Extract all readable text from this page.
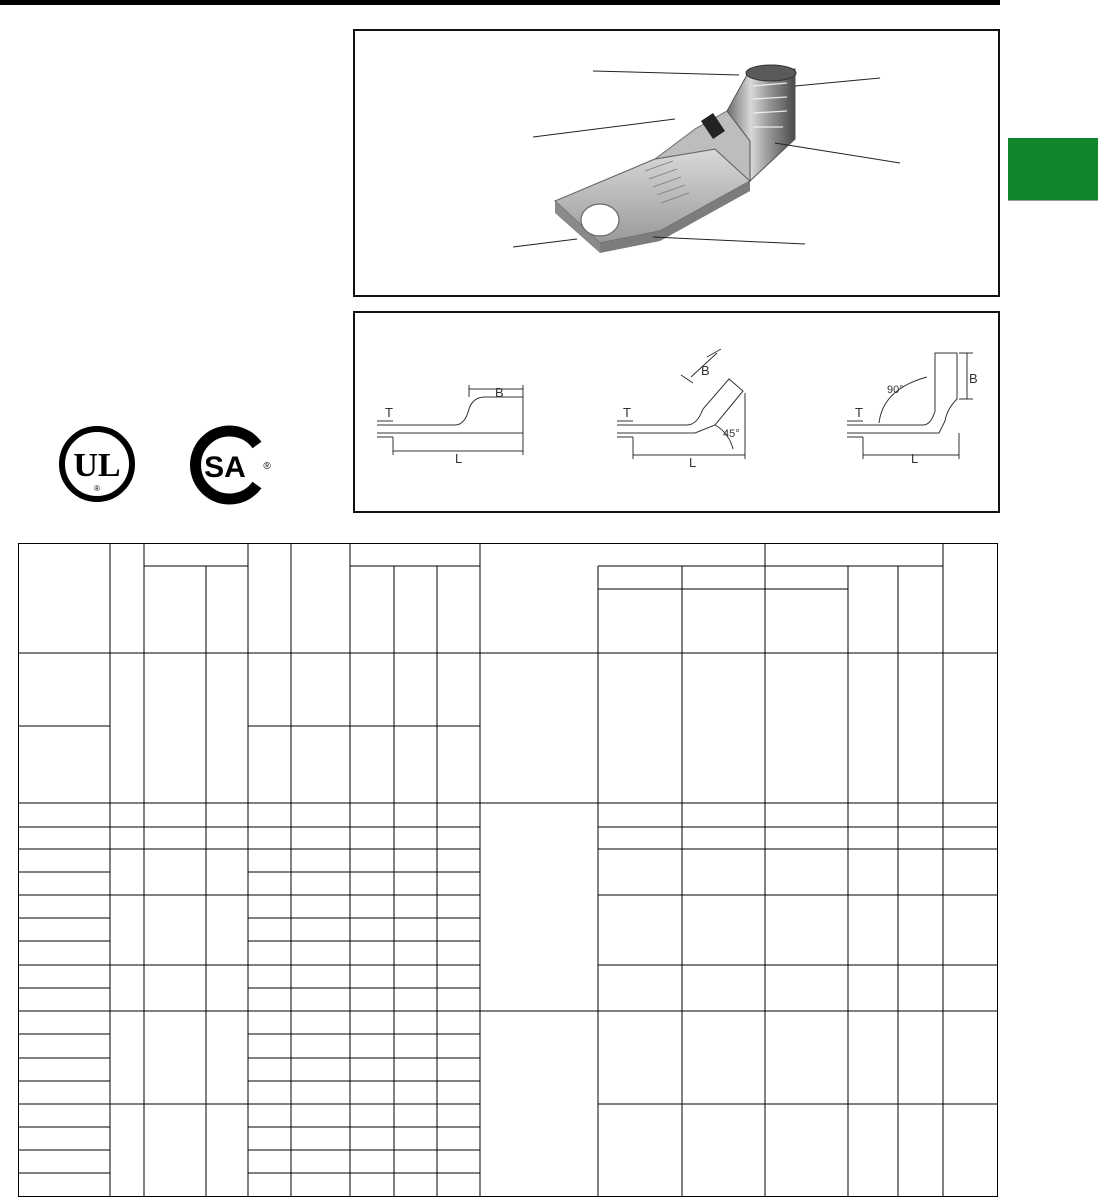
B
T
L
B
T
L
45°
B
T
L
90°
UL
®
SA ®
